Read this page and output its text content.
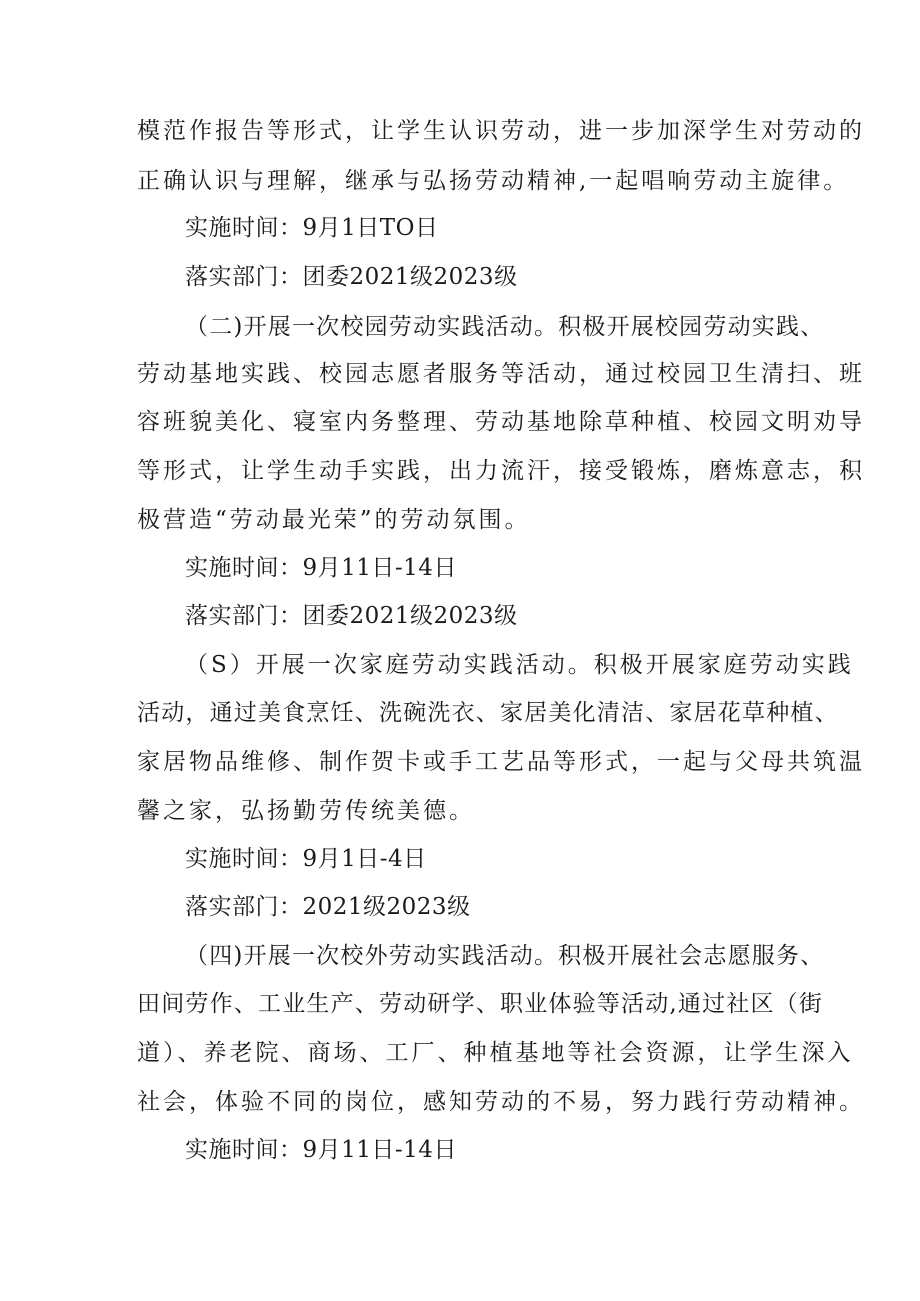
模范作报告等形式，让学生认识劳动，进一步加深学生对劳动的
正确认识与理解，继承与弘扬劳动精神,一起唱响劳动主旋律。
实施时间：9月1日TO日
落实部门：团委2021级2023级
（二)开展一次校园劳动实践活动。积极开展校园劳动实践、
劳动基地实践、校园志愿者服务等活动，通过校园卫生清扫、班
容班貌美化、寝室内务整理、劳动基地除草种植、校园文明劝导
等形式，让学生动手实践，出力流汗，接受锻炼，磨炼意志，积
极营造“劳动最光荣”的劳动氛围。
实施时间：9月11日-14日
落实部门：团委2021级2023级
（S）开展一次家庭劳动实践活动。积极开展家庭劳动实践
活动，通过美食烹饪、洗碗洗衣、家居美化清洁、家居花草种植、
家居物品维修、制作贺卡或手工艺品等形式，一起与父母共筑温
馨之家，弘扬勤劳传统美德。
实施时间：9月1日-4日
落实部门：2021级2023级
（四)开展一次校外劳动实践活动。积极开展社会志愿服务、
田间劳作、工业生产、劳动研学、职业体验等活动,通过社区（街
道）、养老院、商场、工厂、种植基地等社会资源，让学生深入
社会，体验不同的岗位，感知劳动的不易，努力践行劳动精神。
实施时间：9月11日-14日
